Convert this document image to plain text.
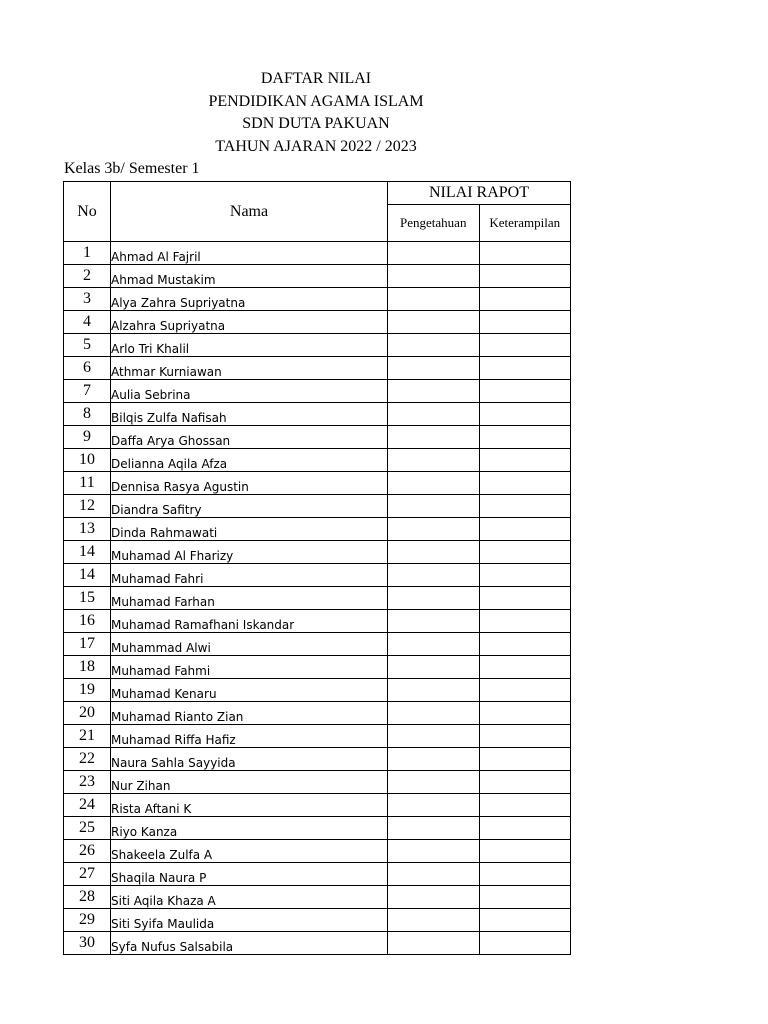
DAFTAR NILAI
PENDIDIKAN AGAMA ISLAM
SDN DUTA PAKUAN
TAHUN AJARAN 2022 / 2023
Kelas 3b/ Semester 1
No	Nama	NILAI RAPOT	
		Pengetahuan	Keterampilan
1	Ahmad Al Fajril		
2	Ahmad Mustakim		
3	Alya Zahra Supriyatna		
4	Alzahra Supriyatna		
5	Arlo Tri Khalil		
6	Athmar Kurniawan		
7	Aulia Sebrina		
8	Bilqis Zulfa Nafisah		
9	Daffa Arya Ghossan		
10	Delianna Aqila Afza		
11	Dennisa Rasya Agustin		
12	Diandra Safitry		
13	Dinda Rahmawati		
14	Muhamad Al Fharizy		
14	Muhamad Fahri		
15	Muhamad Farhan		
16	Muhamad Ramafhani Iskandar		
17	Muhammad Alwi		
18	Muhamad Fahmi		
19	Muhamad Kenaru		
20	Muhamad Rianto Zian		
21	Muhamad Riffa Hafiz		
22	Naura Sahla Sayyida		
23	Nur Zihan		
24	Rista Aftani K		
25	Riyo Kanza		
26	Shakeela Zulfa A		
27	Shaqila Naura P		
28	Siti Aqila Khaza A		
29	Siti Syifa Maulida		
30	Syfa Nufus Salsabila		
